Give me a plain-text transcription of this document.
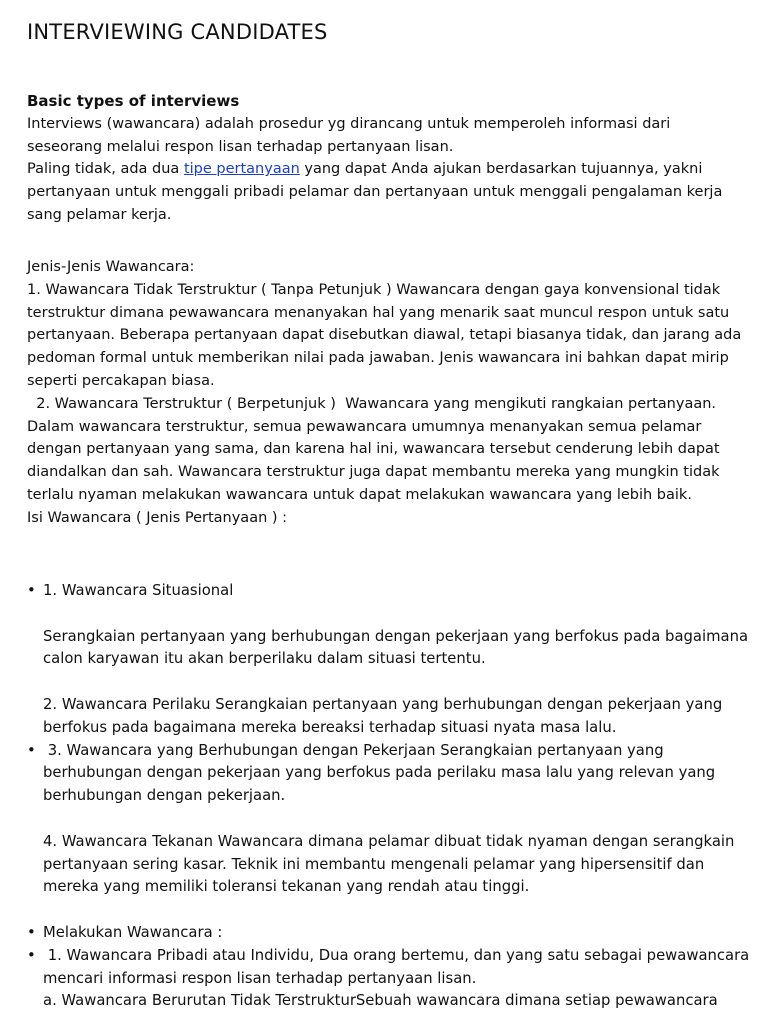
INTERVIEWING CANDIDATES

Basic types of interviews

Interviews (wawancara) adalah prosedur yg dirancang untuk memperoleh informasi dari seseorang melalui respon lisan terhadap pertanyaan lisan.

Paling tidak, ada dua tipe pertanyaan yang dapat Anda ajukan berdasarkan tujuannya, yakni pertanyaan untuk menggali pribadi pelamar dan pertanyaan untuk menggali pengalaman kerja sang pelamar kerja.

Jenis-Jenis Wawancara:

1. Wawancara Tidak Terstruktur ( Tanpa Petunjuk ) Wawancara dengan gaya konvensional tidak terstruktur dimana pewawancara menanyakan hal yang menarik saat muncul respon untuk satu pertanyaan. Beberapa pertanyaan dapat disebutkan diawal, tetapi biasanya tidak, dan jarang ada pedoman formal untuk memberikan nilai pada jawaban. Jenis wawancara ini bahkan dapat mirip seperti percakapan biasa.

2. Wawancara Terstruktur ( Berpetunjuk )  Wawancara yang mengikuti rangkaian pertanyaan. Dalam wawancara terstruktur, semua pewawancara umumnya menanyakan semua pelamar dengan pertanyaan yang sama, dan karena hal ini, wawancara tersebut cenderung lebih dapat diandalkan dan sah. Wawancara terstruktur juga dapat membantu mereka yang mungkin tidak terlalu nyaman melakukan wawancara untuk dapat melakukan wawancara yang lebih baik.

Isi Wawancara ( Jenis Pertanyaan ) :

• 1. Wawancara Situasional

Serangkaian pertanyaan yang berhubungan dengan pekerjaan yang berfokus pada bagaimana calon karyawan itu akan berperilaku dalam situasi tertentu.

2. Wawancara Perilaku Serangkaian pertanyaan yang berhubungan dengan pekerjaan yang berfokus pada bagaimana mereka bereaksi terhadap situasi nyata masa lalu.

• 3. Wawancara yang Berhubungan dengan Pekerjaan Serangkaian pertanyaan yang berhubungan dengan pekerjaan yang berfokus pada perilaku masa lalu yang relevan yang berhubungan dengan pekerjaan.

4. Wawancara Tekanan Wawancara dimana pelamar dibuat tidak nyaman dengan serangkain pertanyaan sering kasar. Teknik ini membantu mengenali pelamar yang hipersensitif dan mereka yang memiliki toleransi tekanan yang rendah atau tinggi.

• Melakukan Wawancara :

• 1. Wawancara Pribadi atau Individu, Dua orang bertemu, dan yang satu sebagai pewawancara mencari informasi respon lisan terhadap pertanyaan lisan.

a. Wawancara Berurutan Tidak TerstrukturSebuah wawancara dimana setiap pewawancara
